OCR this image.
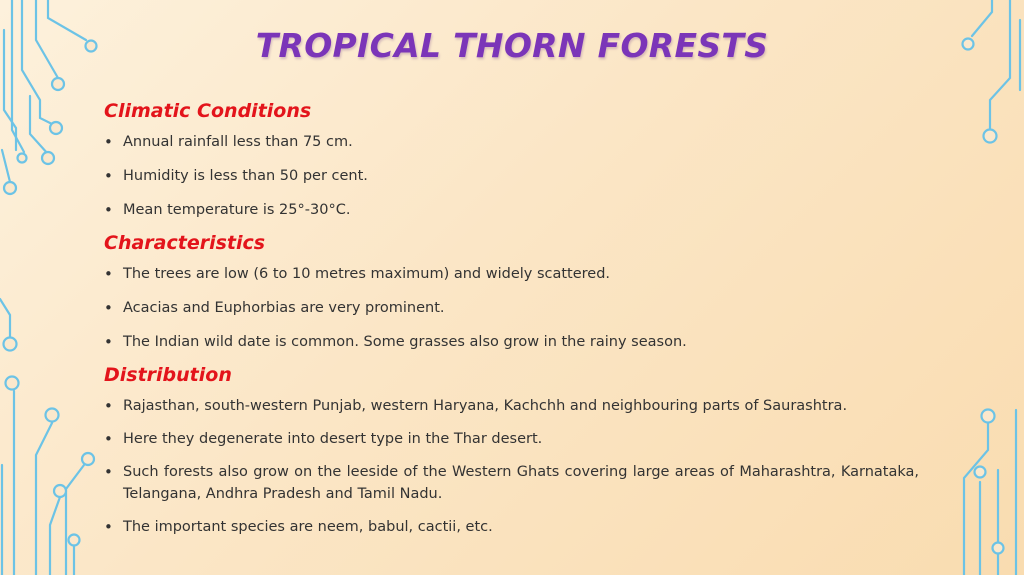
TROPICAL THORN FORESTS
Climatic Conditions
• Annual rainfall less than 75 cm.
• Humidity is less than 50 per cent.
• Mean temperature is 25°-30°C.
Characteristics
• The trees are low (6 to 10 metres maximum) and widely scattered.
• Acacias and Euphorbias are very prominent.
• The Indian wild date is common. Some grasses also grow in the rainy season.
Distribution
• Rajasthan, south-western Punjab, western Haryana, Kachchh and neighbouring parts of Saurashtra.
• Here they degenerate into desert type in the Thar desert.
• Such forests also grow on the leeside of the Western Ghats covering large areas of Maharashtra, Karnataka, Telangana, Andhra Pradesh and Tamil Nadu.
• The important species are neem, babul, cactii, etc.
